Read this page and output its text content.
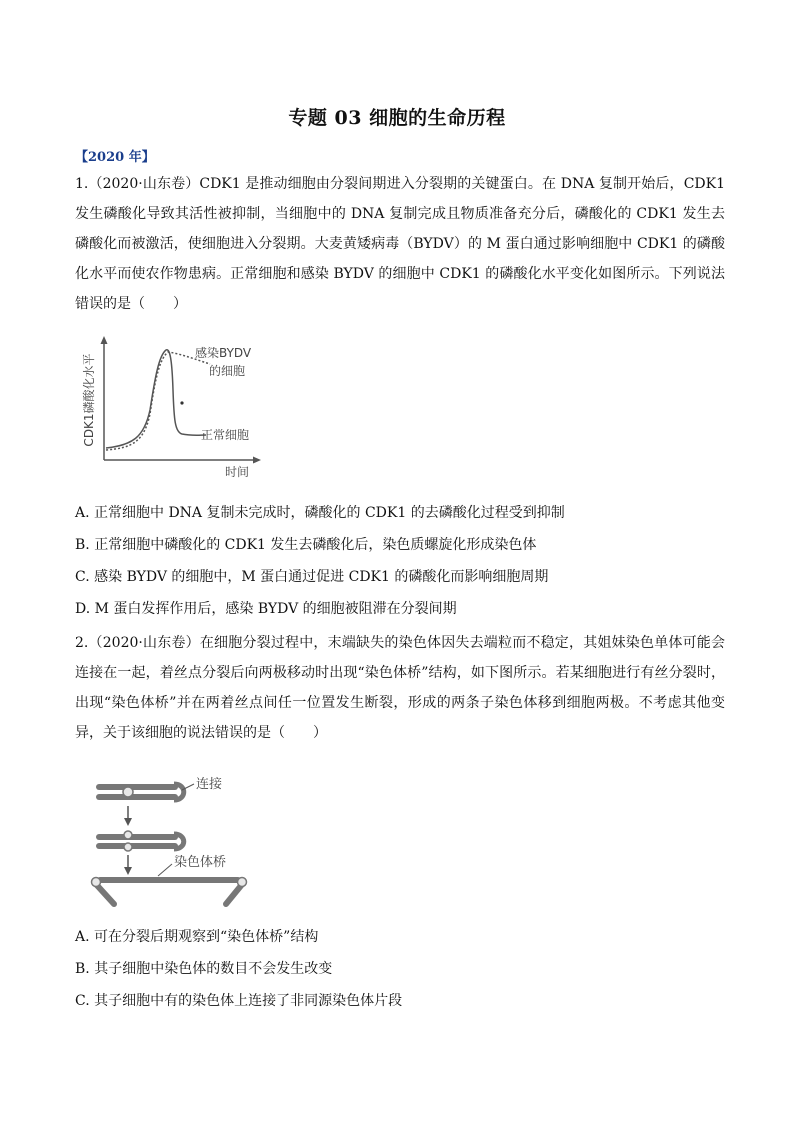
专题 03 细胞的生命历程
【2020 年】
1.（2020·山东卷）CDK1 是推动细胞由分裂间期进入分裂期的关键蛋白。在 DNA 复制开始后，CDK1 发生磷酸化导致其活性被抑制，当细胞中的 DNA 复制完成且物质准备充分后，磷酸化的 CDK1 发生去磷酸化而被激活，使细胞进入分裂期。大麦黄矮病毒（BYDV）的 M 蛋白通过影响细胞中 CDK1 的磷酸化水平而使农作物患病。正常细胞和感染 BYDV 的细胞中 CDK1 的磷酸化水平变化如图所示。下列说法错误的是（　　）
CDK1磷酸化水平
时间
感染BYDV
的细胞
正常细胞
A. 正常细胞中 DNA 复制未完成时，磷酸化的 CDK1 的去磷酸化过程受到抑制
B. 正常细胞中磷酸化的 CDK1 发生去磷酸化后，染色质螺旋化形成染色体
C. 感染 BYDV 的细胞中，M 蛋白通过促进 CDK1 的磷酸化而影响细胞周期
D. M 蛋白发挥作用后，感染 BYDV 的细胞被阻滞在分裂间期
2.（2020·山东卷）在细胞分裂过程中，末端缺失的染色体因失去端粒而不稳定，其姐妹染色单体可能会连接在一起，着丝点分裂后向两极移动时出现“染色体桥”结构，如下图所示。若某细胞进行有丝分裂时，出现“染色体桥”并在两着丝点间任一位置发生断裂，形成的两条子染色体移到细胞两极。不考虑其他变异，关于该细胞的说法错误的是（　　）
连接
染色体桥
A. 可在分裂后期观察到“染色体桥”结构
B. 其子细胞中染色体的数目不会发生改变
C. 其子细胞中有的染色体上连接了非同源染色体片段
